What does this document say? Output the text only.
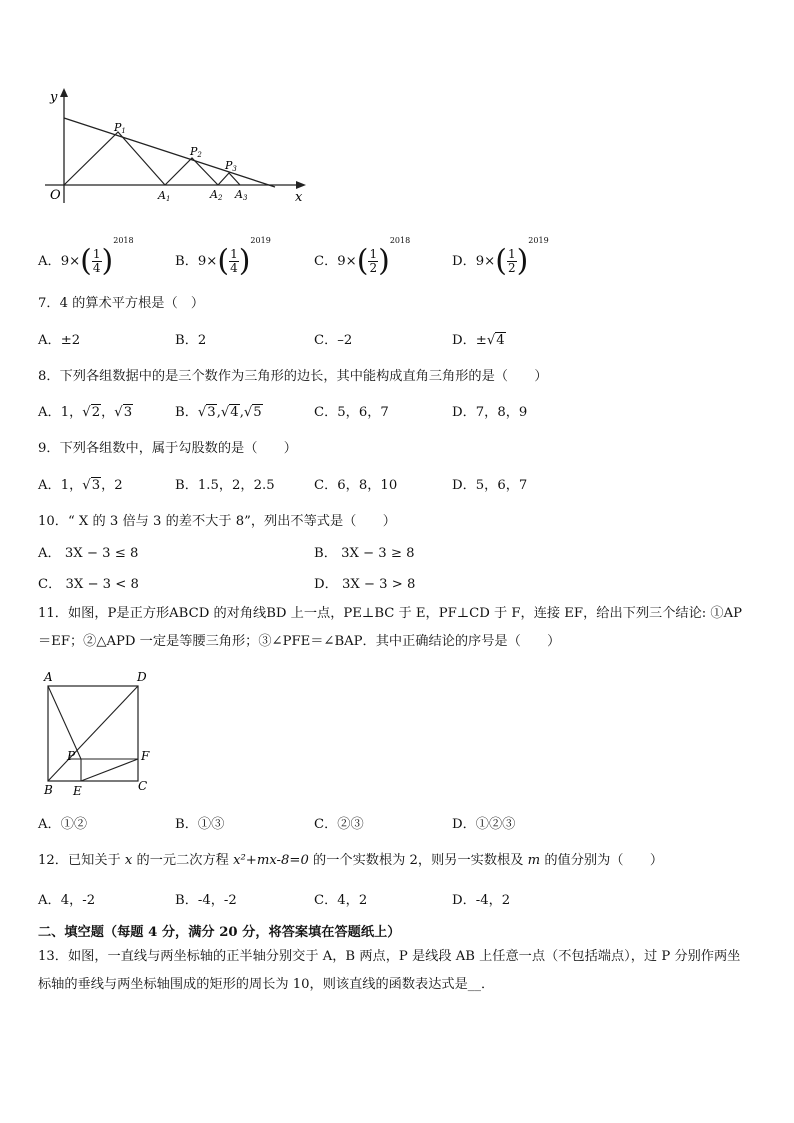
y
x
O
P1
P2
P3
A1	A2 A3
A．$9\times( \frac{1}{4} )^{2018}$
B．$9\times( \frac{1}{4} )^{2019}$
C．$9\times( \frac{1}{2} )^{2018}$
D．$9\times( \frac{1}{2} )^{2019}$
7．4 的算术平方根是（　）
A．±2	B．2	C．–2	D．±√4
8．下列各组数据中的是三个数作为三角形的边长，其中能构成直角三角形的是（　　）
A．1，√2，√3	B．√3,√4,√5	C．5，6，7	D．7，8，9
9．下列各组数中，属于勾股数的是（　　）
A．1，√3，2	B．1.5，2，2.5	C．6，8，10	D．5，6，7
10．“ X 的 3 倍与 3 的差不大于 8”，列出不等式是（　　）
A． 3X − 3 ≤ 8	B． 3X − 3 ≥ 8
C． 3X − 3 < 8	D． 3X − 3 > 8
11．如图，P是正方形ABCD 的对角线BD 上一点，PE⊥BC 于 E，PF⊥CD 于 F，连接 EF，给出下列三个结论: ①AP＝EF；②△APD 一定是等腰三角形；③∠PFE＝∠BAP．其中正确结论的序号是（　　）
A	D
B	C
P	F
E
A．①②	B．①③	C．②③	D．①②③
12．已知关于 x 的一元二次方程 x²+mx-8=0 的一个实数根为 2，则另一实数根及 m 的值分别为（　　）
A．4，-2	B．-4，-2	C．4，2	D．-4，2
二、填空题（每题 4 分，满分 20 分，将答案填在答题纸上）
13．如图，一直线与两坐标轴的正半轴分别交于 A，B 两点，P 是线段 AB 上任意一点（不包括端点），过 P 分别作两坐标轴的垂线与两坐标轴围成的矩形的周长为 10，则该直线的函数表达式是__．
